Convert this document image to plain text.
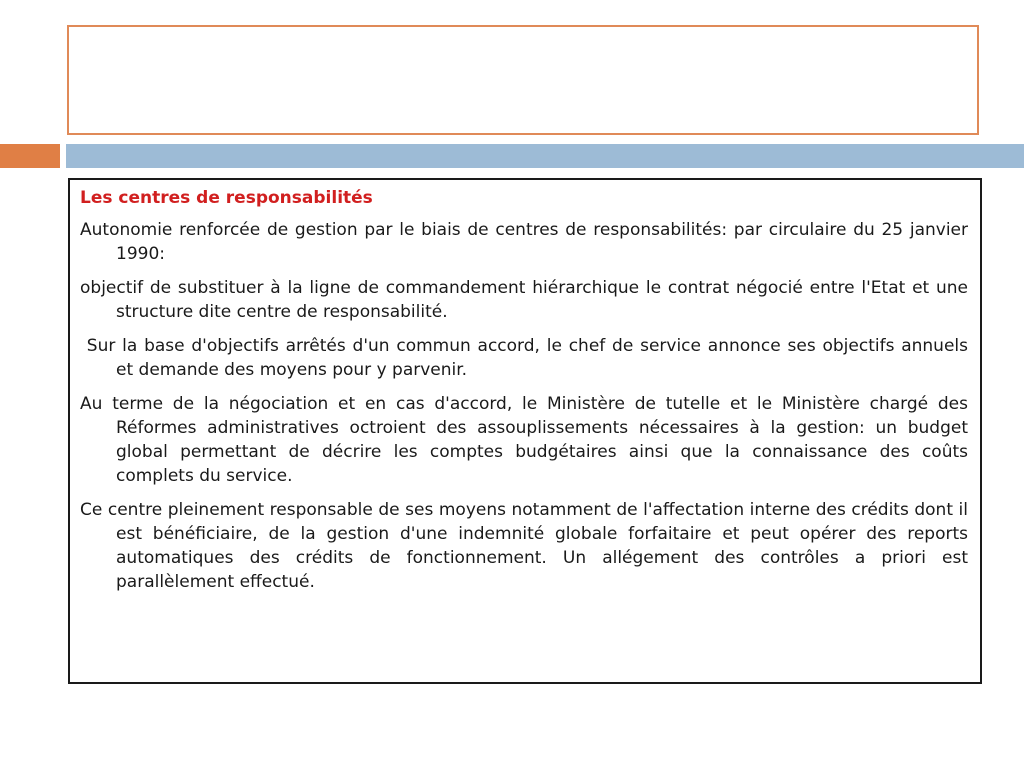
Les centres de responsabilités

Autonomie renforcée de gestion par le biais de centres de responsabilités: par circulaire du 25 janvier 1990:

objectif de substituer à la ligne de commandement hiérarchique le contrat négocié entre l'Etat et une structure dite centre de responsabilité.

Sur la base d'objectifs arrêtés d'un commun accord, le chef de service annonce ses objectifs annuels et demande des moyens pour y parvenir.

Au terme de la négociation et en cas d'accord, le Ministère de tutelle et le Ministère chargé des Réformes administratives octroient des assouplissements nécessaires à la gestion: un budget global permettant de décrire les comptes budgétaires ainsi que la connaissance des coûts complets du service.

Ce centre pleinement responsable de ses moyens notamment de l'affectation interne des crédits dont il est bénéficiaire, de la gestion d'une indemnité globale forfaitaire et peut opérer des reports automatiques des crédits de fonctionnement. Un allégement des contrôles a priori est parallèlement effectué.
